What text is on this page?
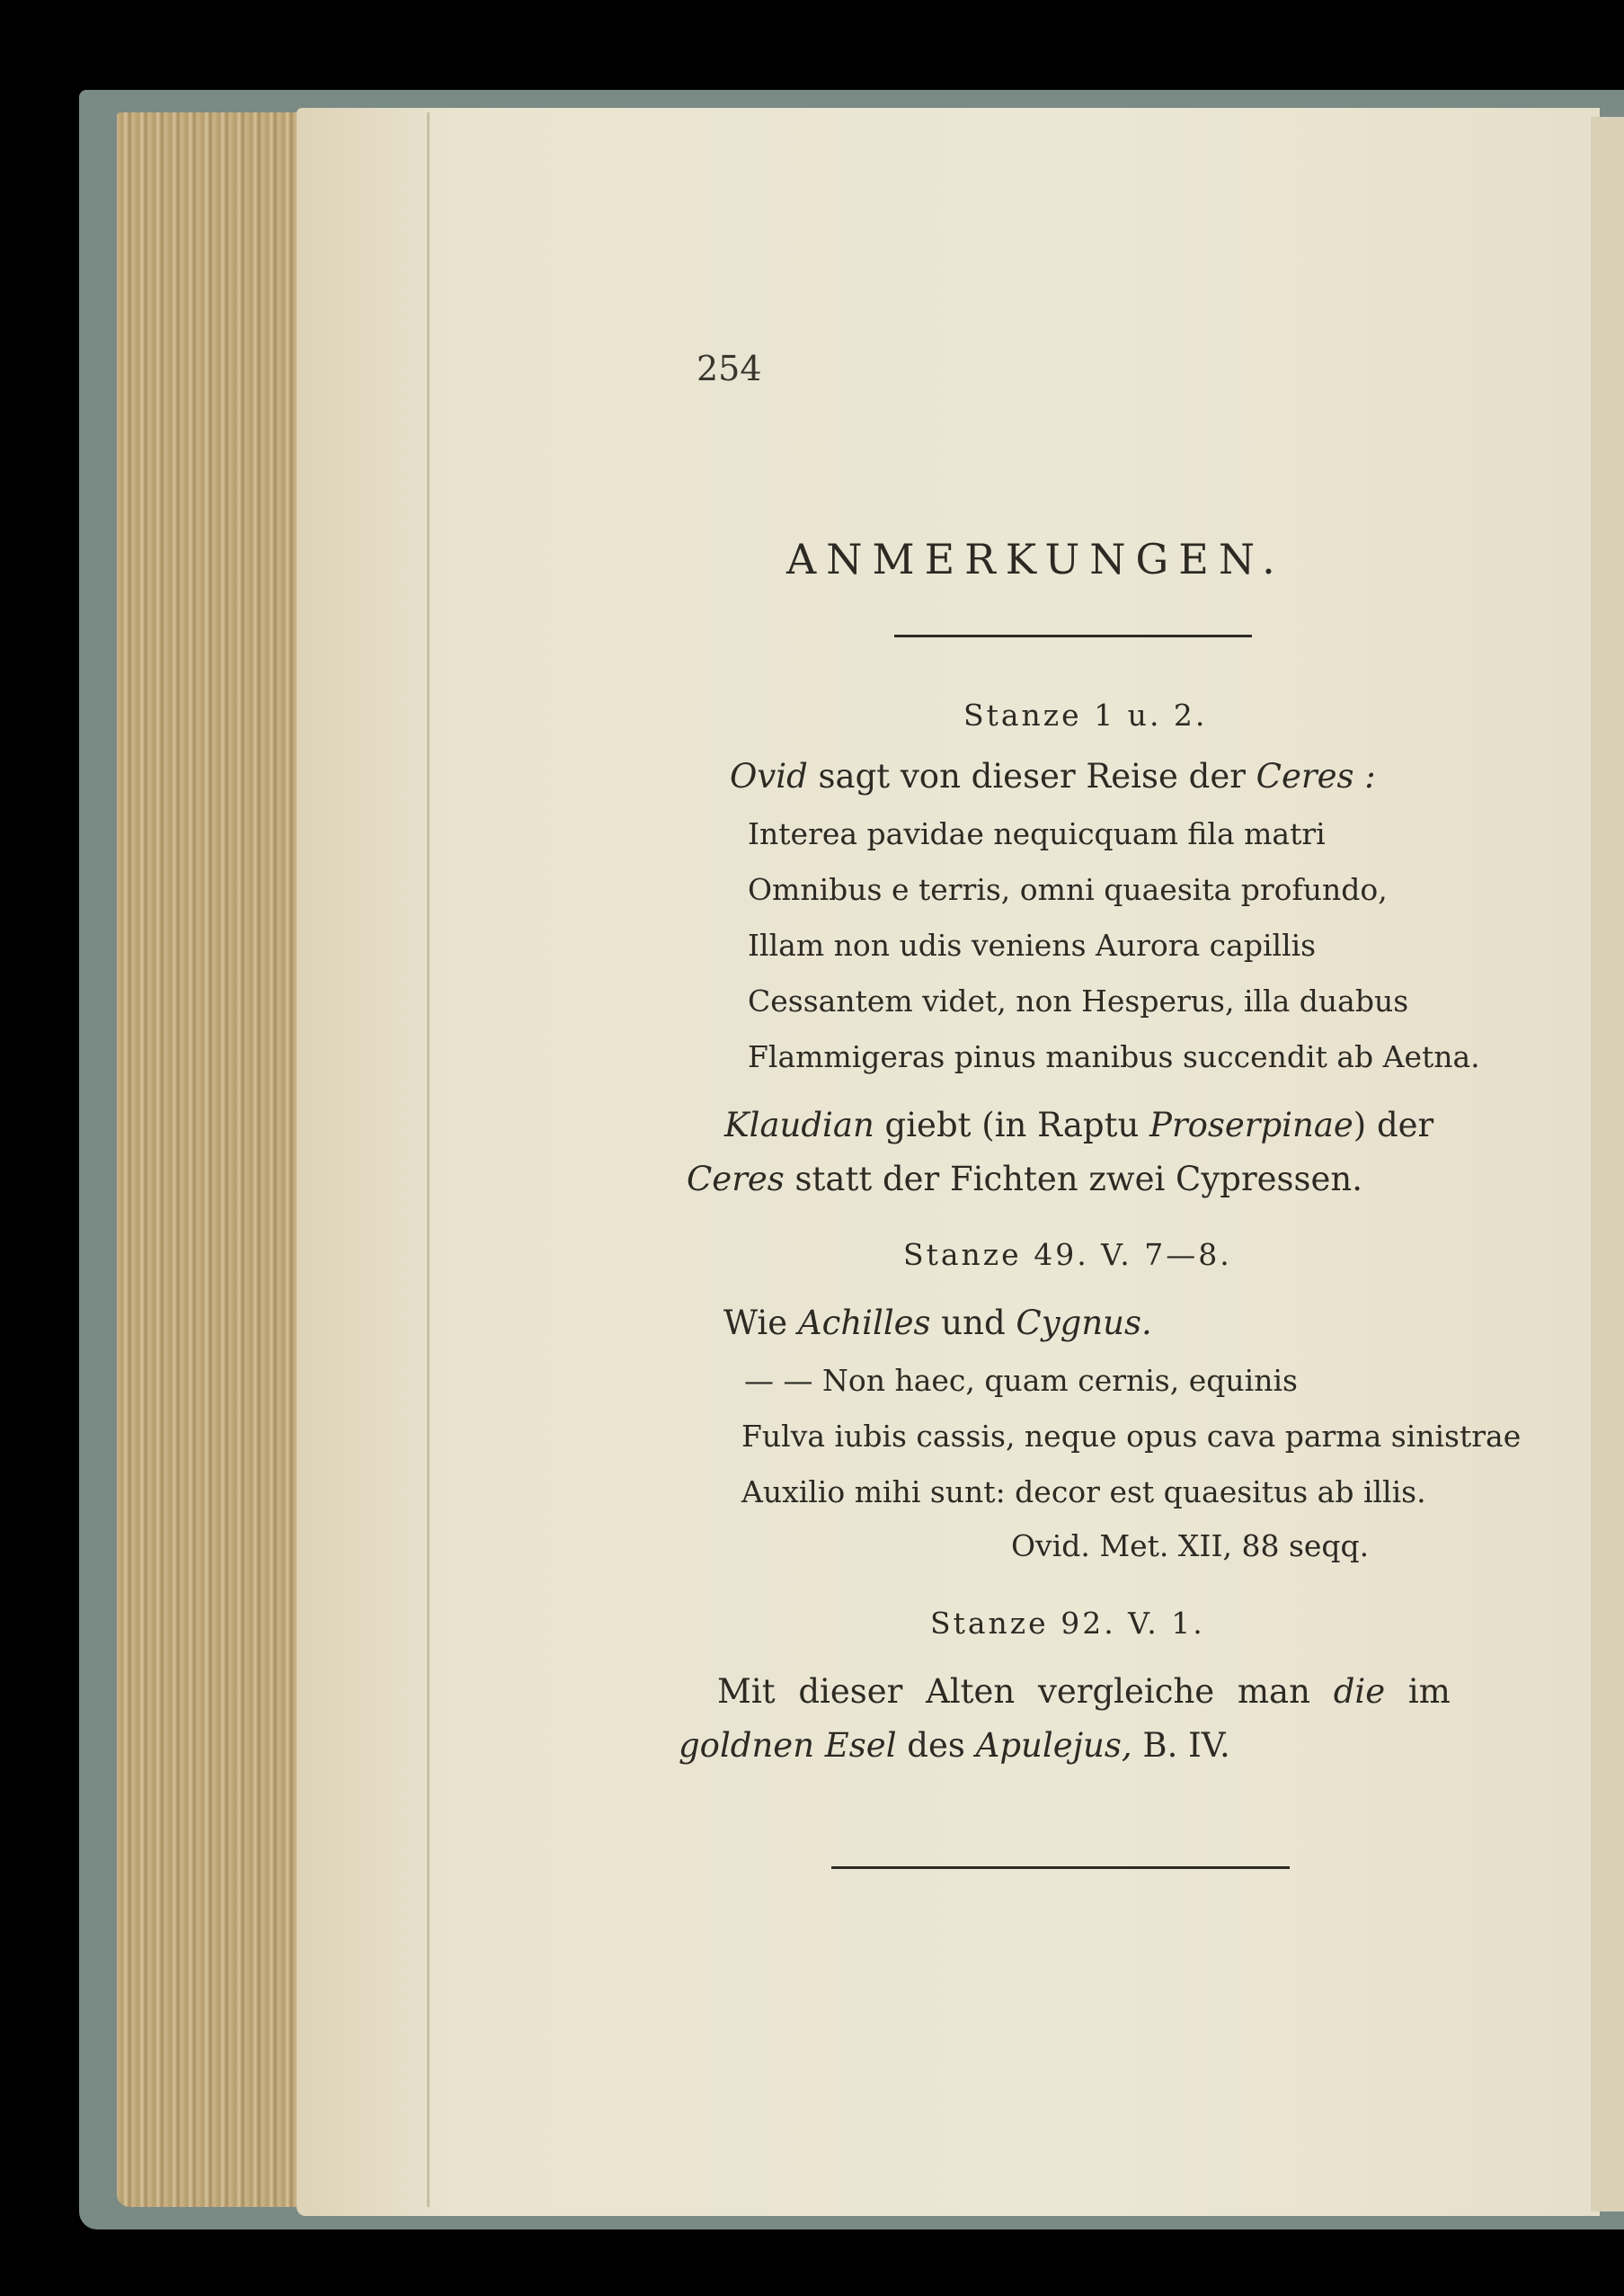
254

ANMERKUNGEN.

Stanze 1 u. 2.

Ovid sagt von dieser Reise der Ceres :

Interea pavidae nequicquam fila matri

Omnibus e terris, omni quaesita profundo,

Illam non udis veniens Aurora capillis

Cessantem videt, non Hesperus, illa duabus

Flammigeras pinus manibus succendit ab Aetna.

Klaudian giebt (in Raptu Proserpinae) der

Ceres statt der Fichten zwei Cypressen.

Stanze 49. V. 7—8.

Wie Achilles und Cygnus.

— — Non haec, quam cernis, equinis

Fulva iubis cassis, neque opus cava parma sinistrae

Auxilio mihi sunt: decor est quaesitus ab illis.

Ovid. Met. XII, 88 seqq.

Stanze 92. V. 1.

Mit dieser Alten vergleiche man die im

goldnen Esel des Apulejus, B. IV.
